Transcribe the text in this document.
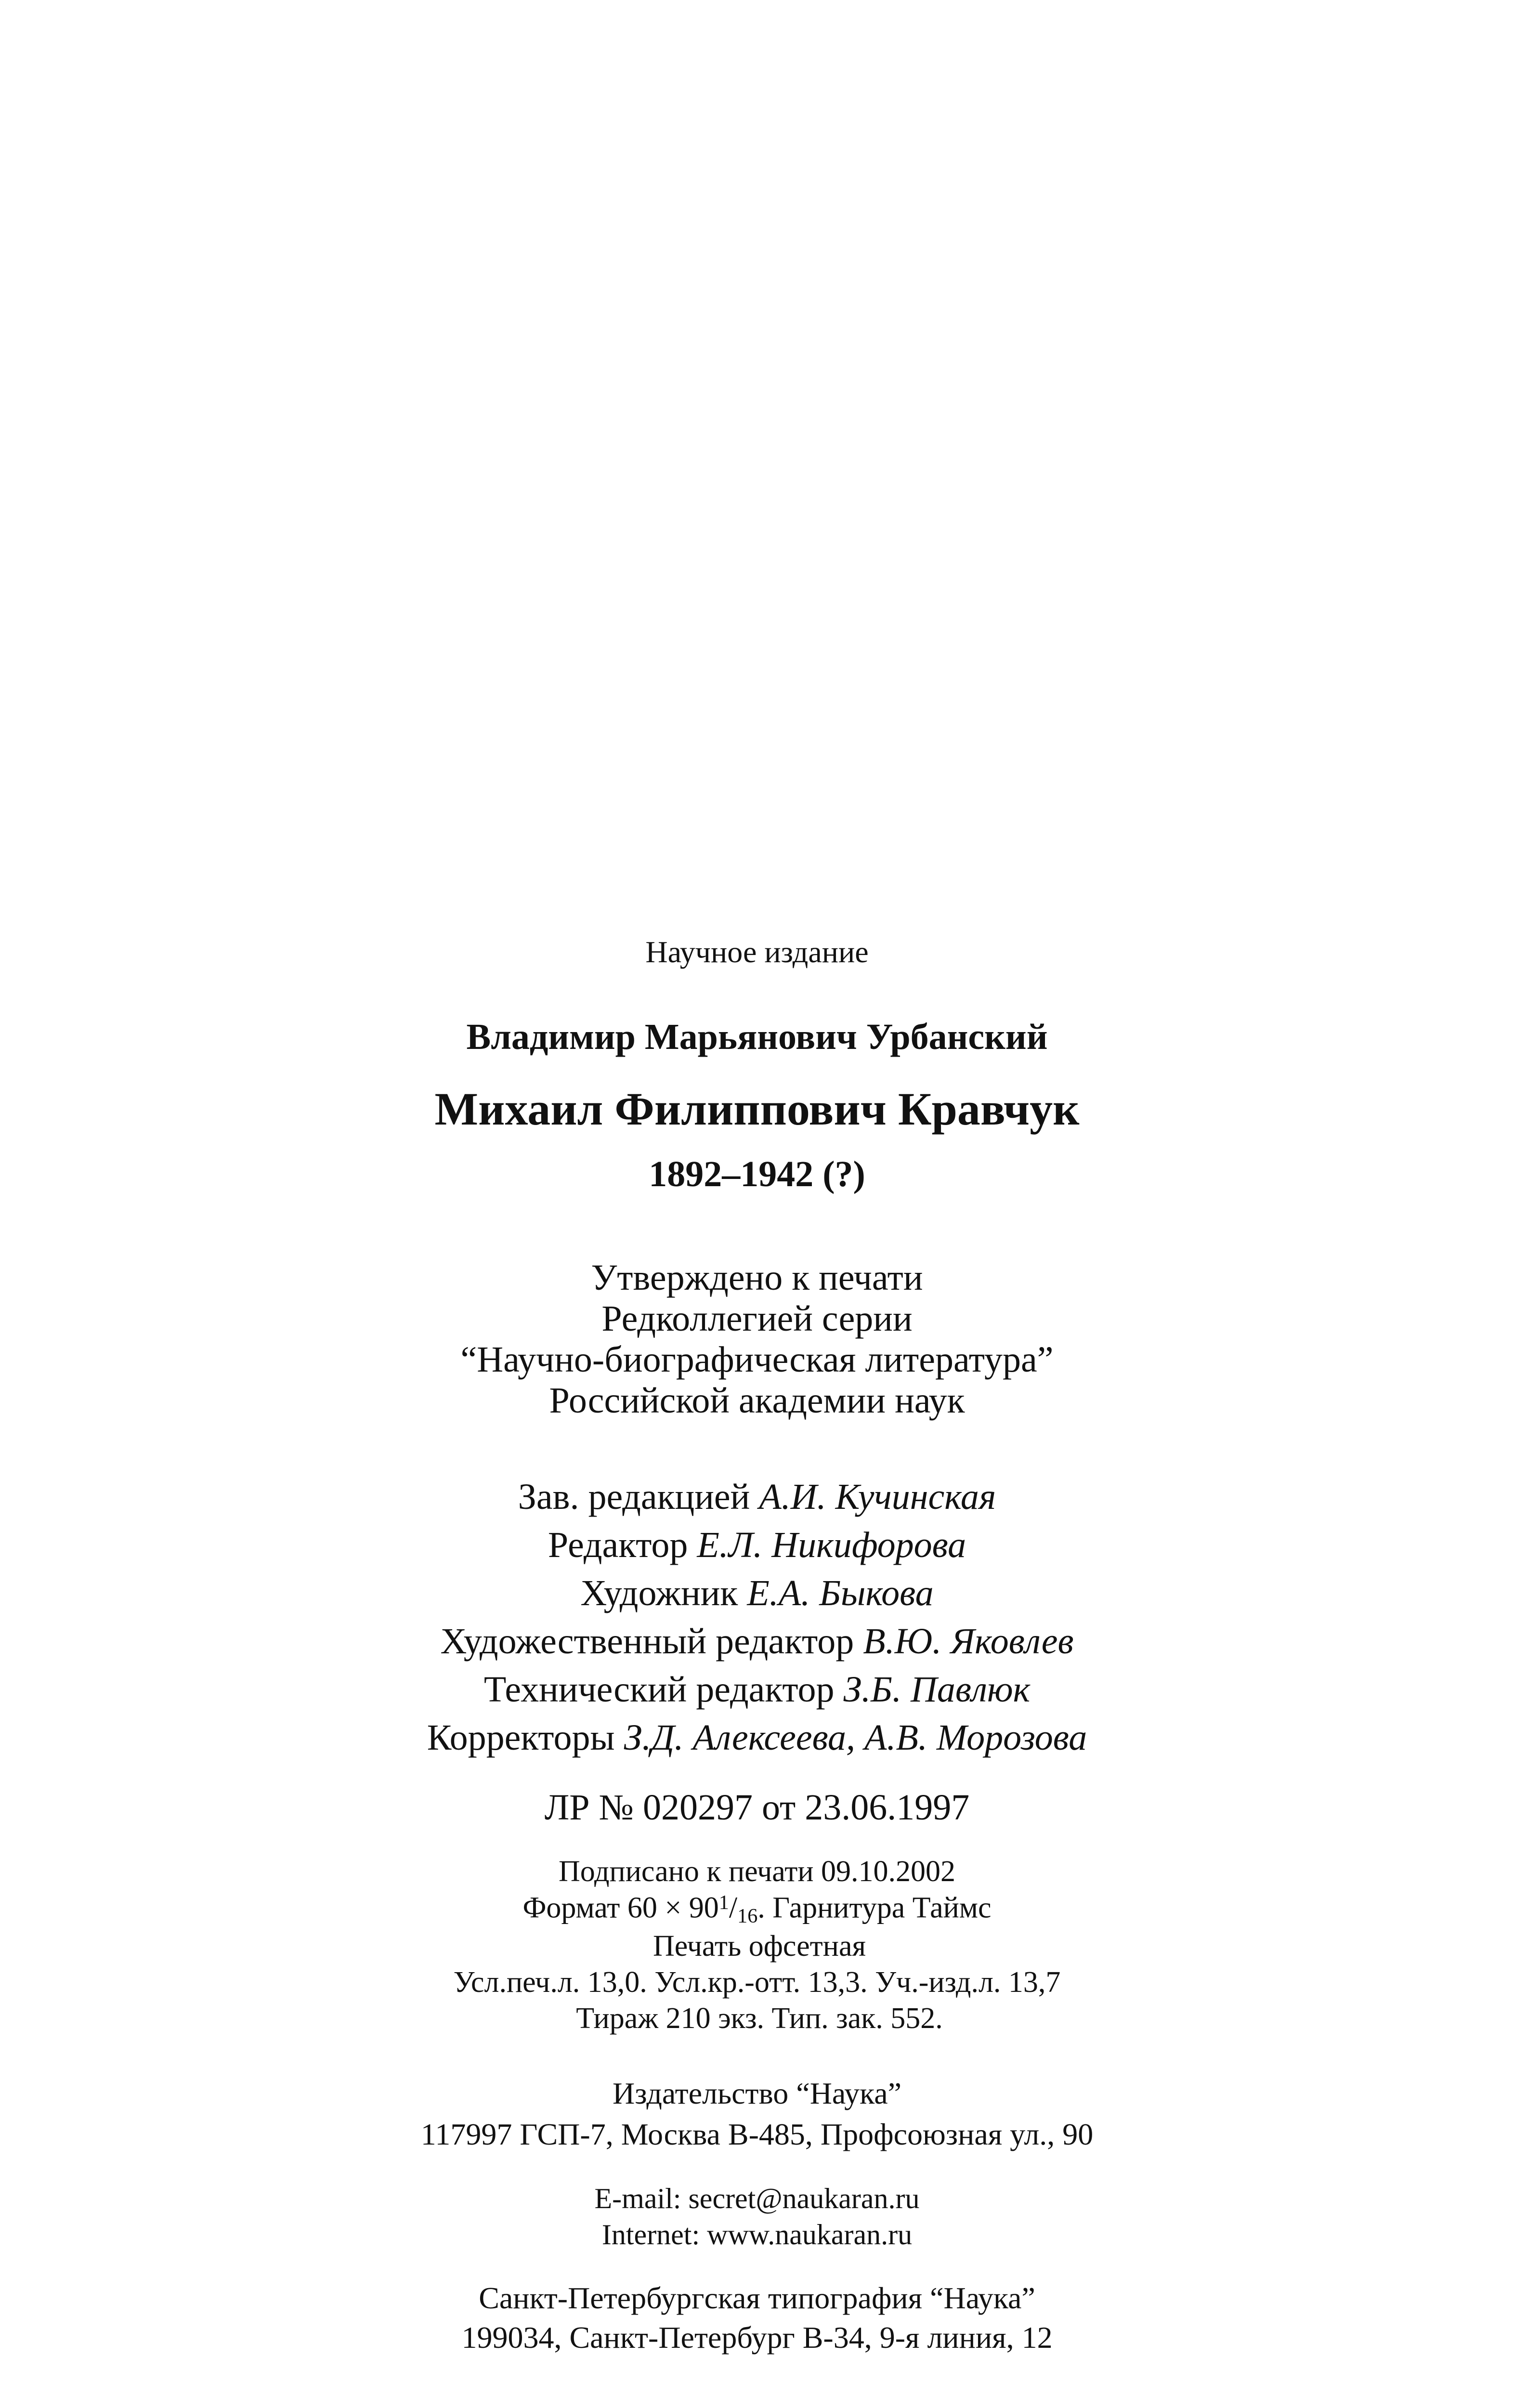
Научное издание
Владимир Марьянович Урбанский
Михаил Филиппович Кравчук
1892–1942 (?)
Утверждено к печати
Редколлегией серии
“Научно-биографическая литература”
Российской академии наук
Зав. редакцией А.И. Кучинская
Редактор Е.Л. Никифорова
Художник Е.А. Быкова
Художественный редактор В.Ю. Яковлев
Технический редактор З.Б. Павлюк
Корректоры З.Д. Алексеева, А.В. Морозова
ЛР № 020297 от 23.06.1997
Подписано к печати 09.10.2002
Формат $60 \times 90^1/_{16}$. Гарнитура Таймс
Печать офсетная
Усл.печ.л. 13,0. Усл.кр.-отт. 13,3. Уч.-изд.л. 13,7
Тираж 210 экз. Тип. зак. 552.
Издательство “Наука”
117997 ГСП-7, Москва В-485, Профсоюзная ул., 90
E-mail: secret@naukaran.ru
Internet: www.naukaran.ru
Санкт-Петербургская типография “Наука”
199034, Санкт-Петербург В-34, 9-я линия, 12
